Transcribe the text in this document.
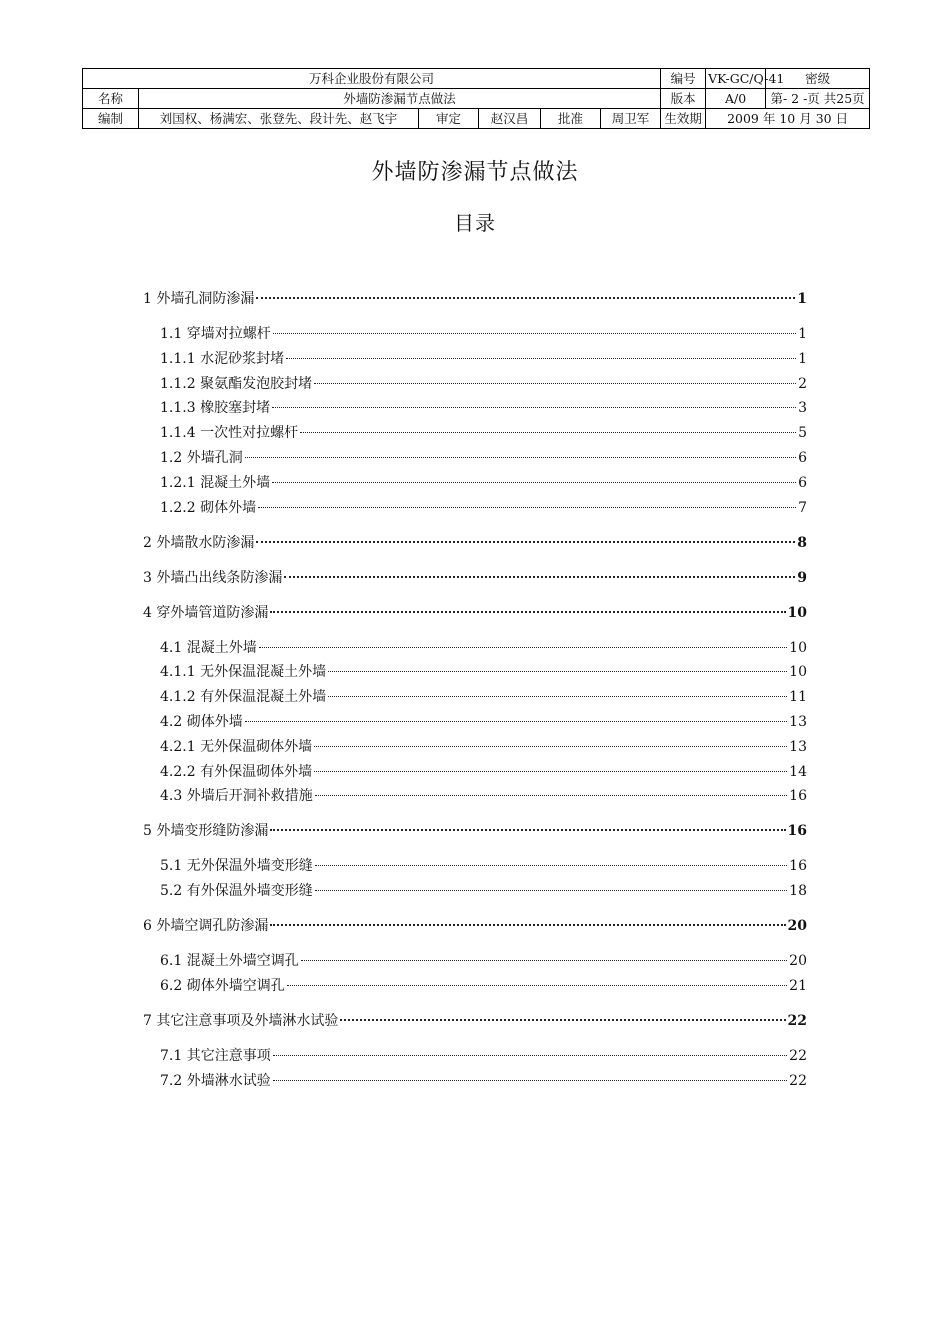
万科企业股份有限公司						编号	VK-GC/Q-41	密级	
名称	外墙防渗漏节点做法					版本	A/0	第- 2 -页 共25页	
编制	刘国权、杨满宏、张登先、段计先、赵飞宇	审定	赵汉昌	批准	周卫军	生效期	2009 年 10 月 30 日		
外墙防渗漏节点做法
目录
1 外墙孔洞防渗漏	1
1.1 穿墙对拉螺杆	1
1.1.1 水泥砂浆封堵	1
1.1.2 聚氨酯发泡胶封堵	2
1.1.3 橡胶塞封堵	3
1.1.4 一次性对拉螺杆	5
1.2 外墙孔洞	6
1.2.1 混凝土外墙	6
1.2.2 砌体外墙	7
2 外墙散水防渗漏	8
3 外墙凸出线条防渗漏	9
4 穿外墙管道防渗漏	10
4.1 混凝土外墙	10
4.1.1 无外保温混凝土外墙	10
4.1.2 有外保温混凝土外墙	11
4.2 砌体外墙	13
4.2.1 无外保温砌体外墙	13
4.2.2 有外保温砌体外墙	14
4.3 外墙后开洞补救措施	16
5 外墙变形缝防渗漏	16
5.1 无外保温外墙变形缝	16
5.2 有外保温外墙变形缝	18
6 外墙空调孔防渗漏	20
6.1 混凝土外墙空调孔	20
6.2 砌体外墙空调孔	21
7 其它注意事项及外墙淋水试验	22
7.1 其它注意事项	22
7.2 外墙淋水试验	22
